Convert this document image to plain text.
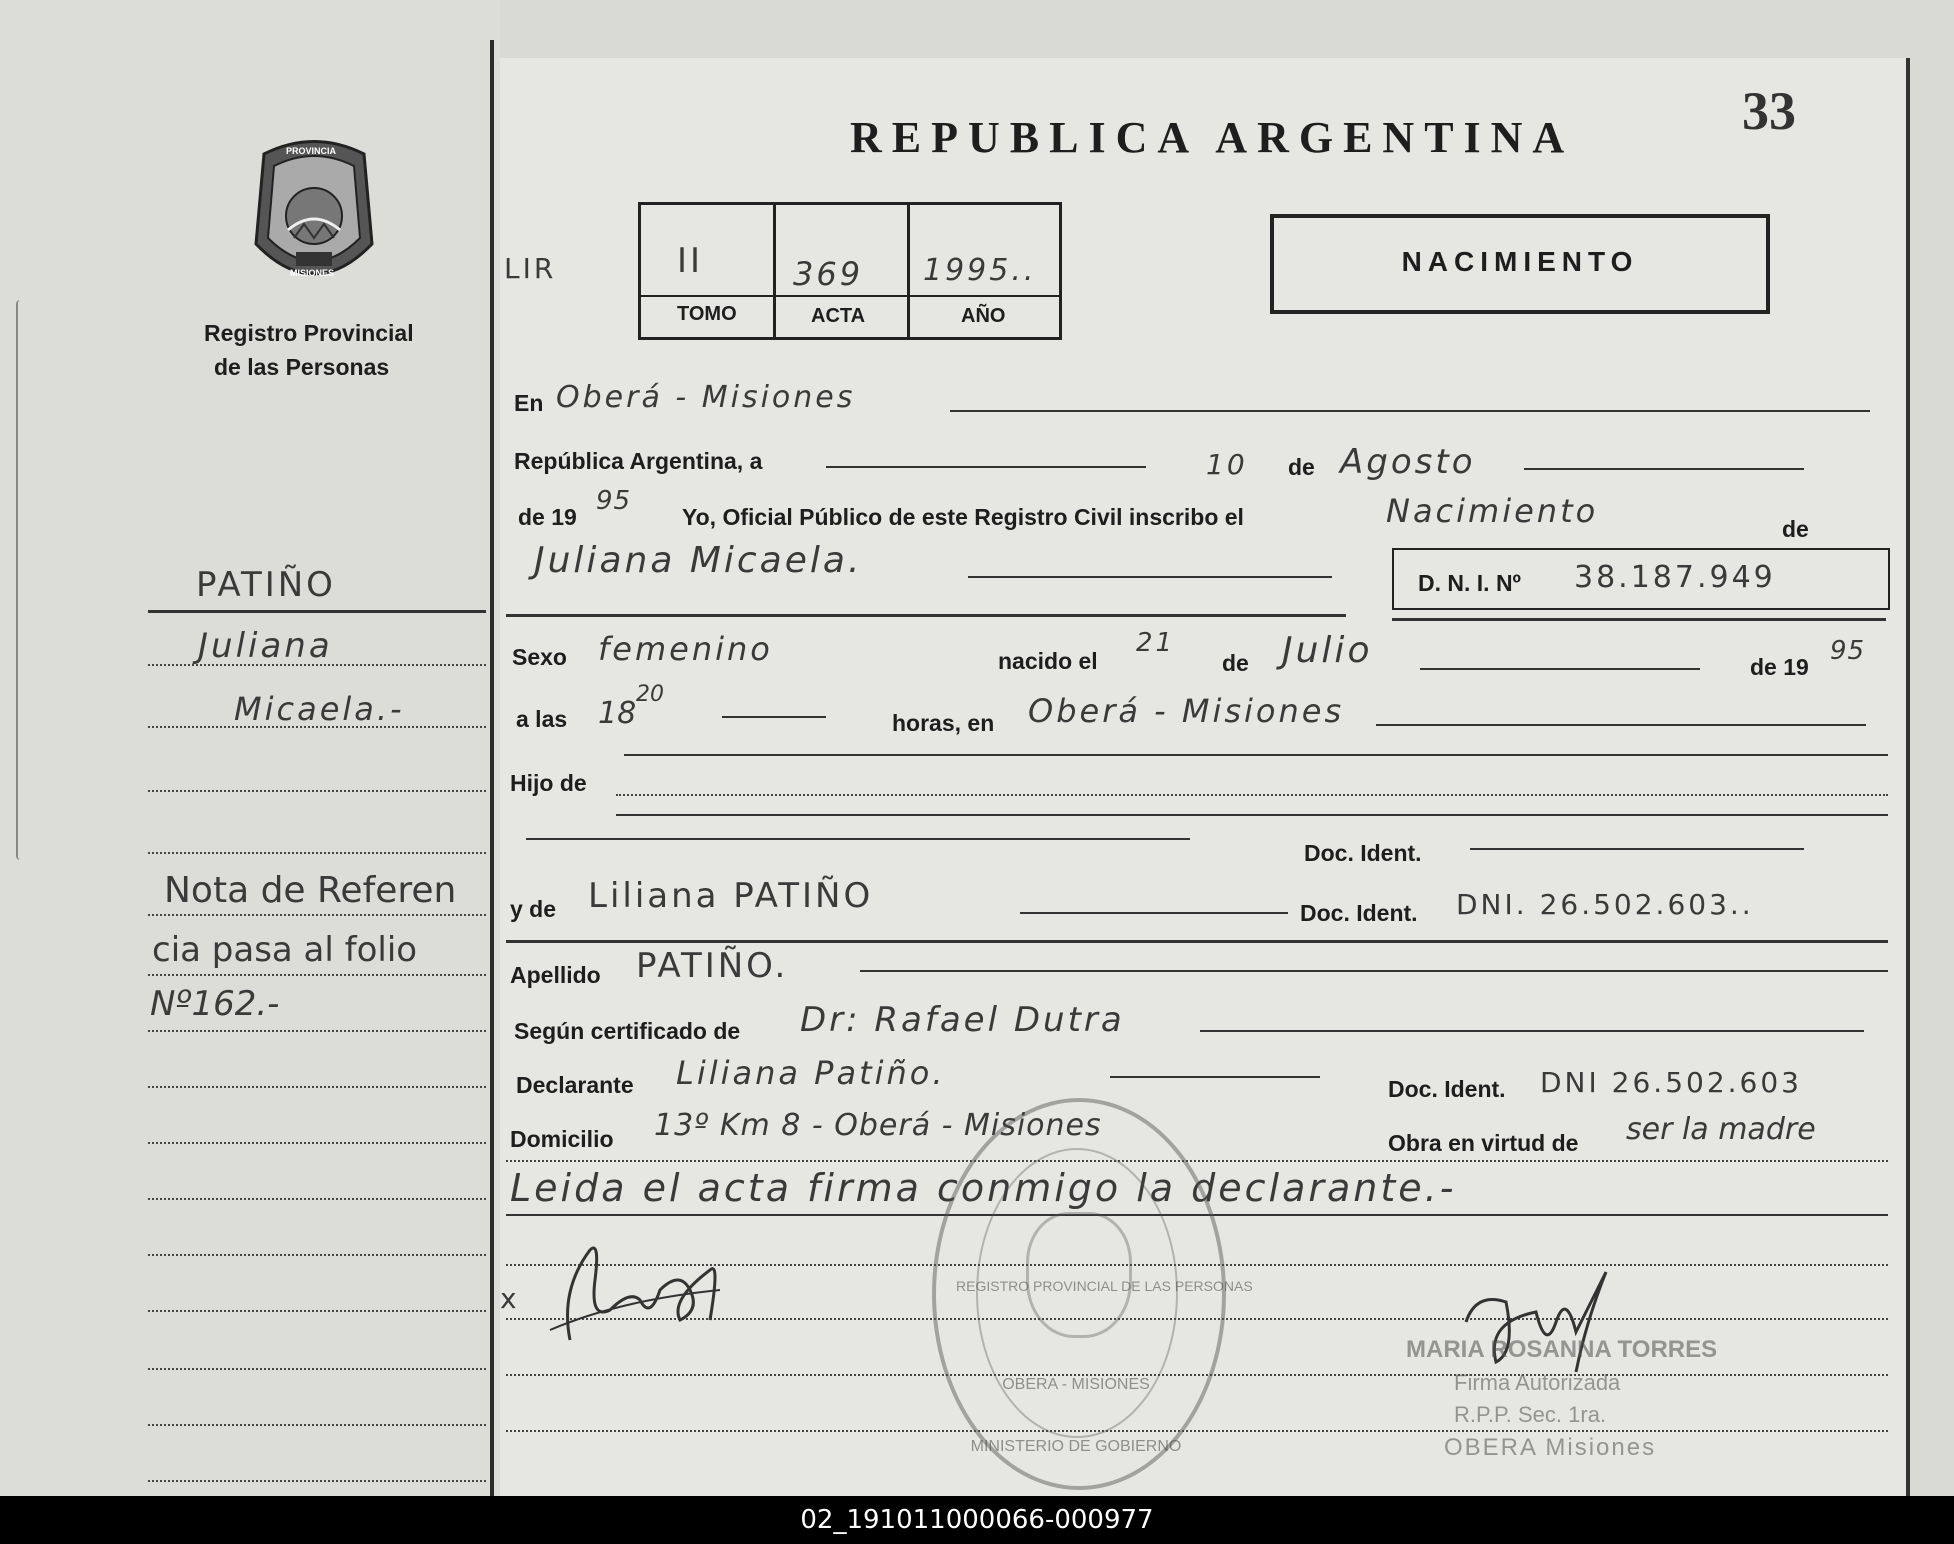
PROVINCIA
MISIONES
Registro Provincial
de las Personas
PATIÑO
Juliana
Micaela.-
Nota de Referen
cia pasa al folio
Nº162.-
33
REPUBLICA ARGENTINA
LIR	II	369 1995..
TOMO	ACTA	AÑO
NACIMIENTO
En Oberá - Misiones
República Argentina, a	10 de Agosto
de 19
95
Yo, Oficial Público de este Registro Civil inscribo el	Nacimiento	de
Juliana Micaela.
D. N. I. Nº 38.187.949
Sexo femenino	nacido el
21
de Julio	de 19
95
a las 18
20
horas, en Oberá - Misiones
Hijo de
Doc. Ident.
y de Liliana PATIÑO	Doc. Ident. DNI. 26.502.603..
Apellido PATIÑO.
Según certificado de Dr: Rafael Dutra
Declarante Liliana Patiño.	Doc. Ident. DNI 26.502.603
Domicilio 13º Km 8 - Oberá - Misiones	Obra en virtud de ser la madre
Leida el acta firma conmigo la declarante.-
x	REGISTRO PROVINCIAL DE LAS PERSONAS
OBERA - MISIONES
MINISTERIO DE GOBIERNO
MARIA ROSANNA TORRES
Firma Autorizada
R.P.P. Sec. 1ra.
OBERA Misiones
02_191011000066-000977
